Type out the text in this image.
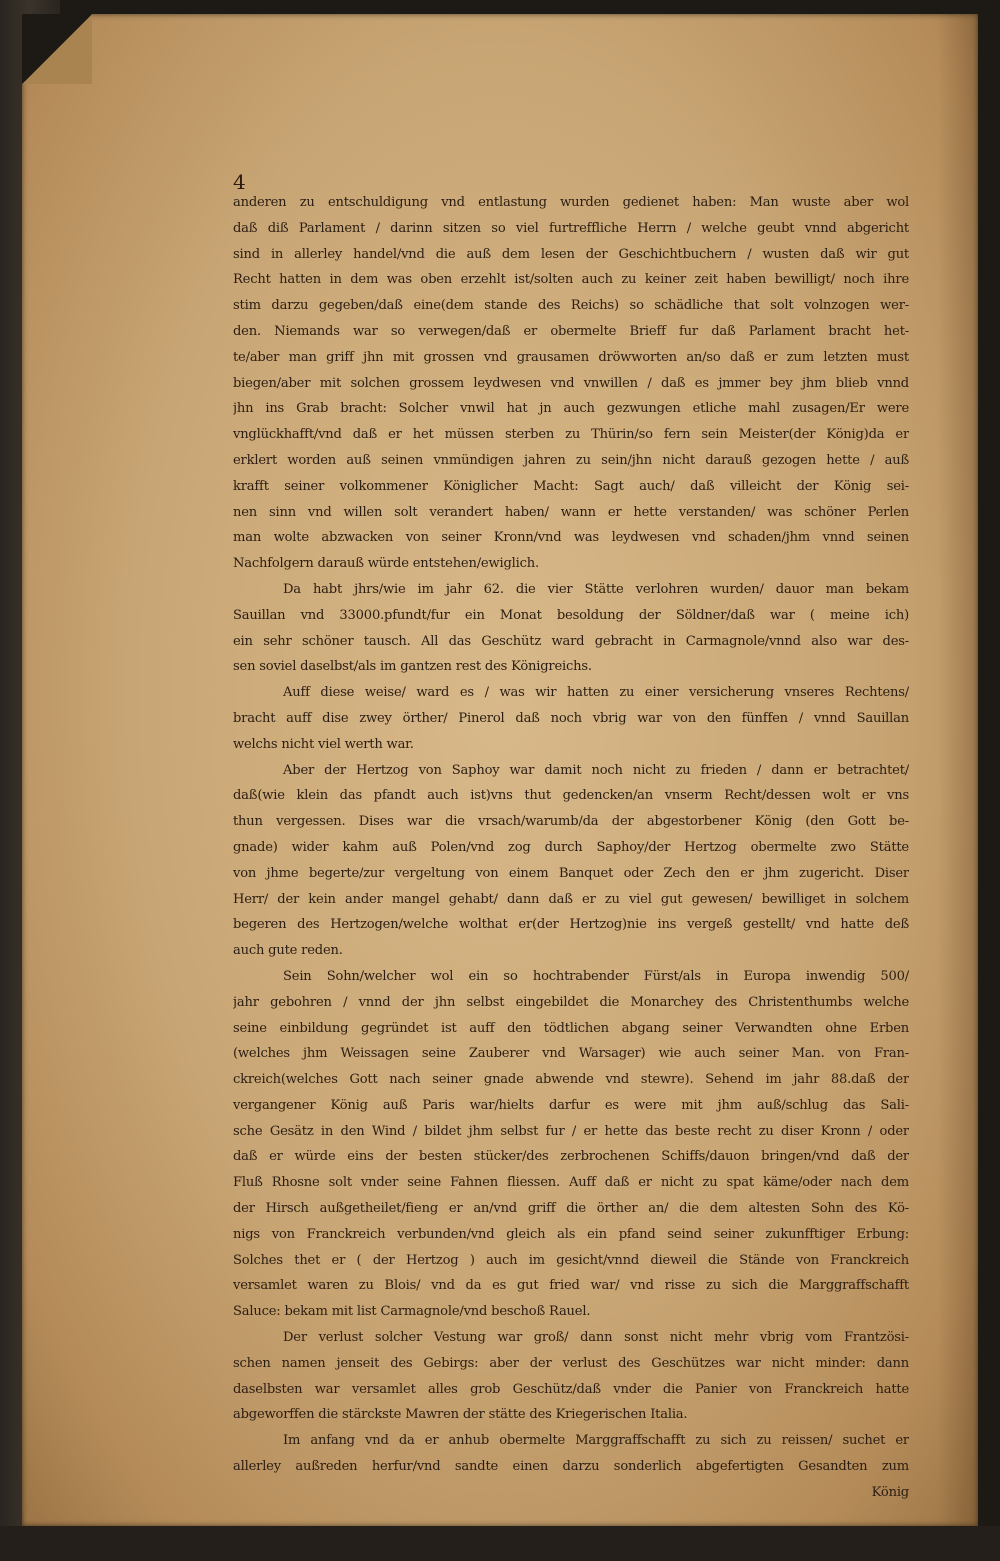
4
anderen zu entschuldigung vnd entlastung wurden gedienet haben: Man wuste aber wol
daß diß Parlament / darinn sitzen so viel furtreffliche Herrn / welche geubt vnnd abgericht
sind in allerley handel/vnd die auß dem lesen der Geschichtbuchern / wusten daß wir gut
Recht hatten in dem was oben erzehlt ist/solten auch zu keiner zeit haben bewilligt/ noch ihre
stim darzu gegeben/daß eine(dem stande des Reichs) so schädliche that solt volnzogen wer-
den. Niemands war so verwegen/daß er obermelte Brieff fur daß Parlament bracht het-
te/aber man griff jhn mit grossen vnd grausamen dröwworten an/so daß er zum letzten must
biegen/aber mit solchen grossem leydwesen vnd vnwillen / daß es jmmer bey jhm blieb vnnd
jhn ins Grab bracht: Solcher vnwil hat jn auch gezwungen etliche mahl zusagen/Er were
vnglückhafft/vnd daß er het müssen sterben zu Thürin/so fern sein Meister(der König)da er
erklert worden auß seinen vnmündigen jahren zu sein/jhn nicht darauß gezogen hette / auß
krafft seiner volkommener Königlicher Macht: Sagt auch/ daß villeicht der König sei-
nen sinn vnd willen solt verandert haben/ wann er hette verstanden/ was schöner Perlen
man wolte abzwacken von seiner Kronn/vnd was leydwesen vnd schaden/jhm vnnd seinen
Nachfolgern darauß würde entstehen/ewiglich.
Da habt jhrs/wie im jahr 62. die vier Stätte verlohren wurden/ dauor man bekam
Sauillan vnd 33000.pfundt/fur ein Monat besoldung der Söldner/daß war ( meine ich)
ein sehr schöner tausch. All das Geschütz ward gebracht in Carmagnole/vnnd also war des-
sen soviel daselbst/als im gantzen rest des Königreichs.
Auff diese weise/ ward es / was wir hatten zu einer versicherung vnseres Rechtens/
bracht auff dise zwey örther/ Pinerol daß noch vbrig war von den fünffen / vnnd Sauillan
welchs nicht viel werth war.
Aber der Hertzog von Saphoy war damit noch nicht zu frieden / dann er betrachtet/
daß(wie klein das pfandt auch ist)vns thut gedencken/an vnserm Recht/dessen wolt er vns
thun vergessen. Dises war die vrsach/warumb/da der abgestorbener König (den Gott be-
gnade) wider kahm auß Polen/vnd zog durch Saphoy/der Hertzog obermelte zwo Stätte
von jhme begerte/zur vergeltung von einem Banquet oder Zech den er jhm zugericht. Diser
Herr/ der kein ander mangel gehabt/ dann daß er zu viel gut gewesen/ bewilliget in solchem
begeren des Hertzogen/welche wolthat er(der Hertzog)nie ins vergeß gestellt/ vnd hatte deß
auch gute reden.
Sein Sohn/welcher wol ein so hochtrabender Fürst/als in Europa inwendig 500/
jahr gebohren / vnnd der jhn selbst eingebildet die Monarchey des Christenthumbs welche
seine einbildung gegründet ist auff den tödtlichen abgang seiner Verwandten ohne Erben
(welches jhm Weissagen seine Zauberer vnd Warsager) wie auch seiner Man. von Fran-
ckreich(welches Gott nach seiner gnade abwende vnd stewre). Sehend im jahr 88.daß der
vergangener König auß Paris war/hielts darfur es were mit jhm auß/schlug das Sali-
sche Gesätz in den Wind / bildet jhm selbst fur / er hette das beste recht zu diser Kronn / oder
daß er würde eins der besten stücker/des zerbrochenen Schiffs/dauon bringen/vnd daß der
Fluß Rhosne solt vnder seine Fahnen fliessen. Auff daß er nicht zu spat käme/oder nach dem
der Hirsch außgetheilet/fieng er an/vnd griff die örther an/ die dem altesten Sohn des Kö-
nigs von Franckreich verbunden/vnd gleich als ein pfand seind seiner zukunfftiger Erbung:
Solches thet er ( der Hertzog ) auch im gesicht/vnnd dieweil die Stände von Franckreich
versamlet waren zu Blois/ vnd da es gut fried war/ vnd risse zu sich die Marggraffschafft
Saluce: bekam mit list Carmagnole/vnd beschoß Rauel.
Der verlust solcher Vestung war groß/ dann sonst nicht mehr vbrig vom Frantzösi-
schen namen jenseit des Gebirgs: aber der verlust des Geschützes war nicht minder: dann
daselbsten war versamlet alles grob Geschütz/daß vnder die Panier von Franckreich hatte
abgeworffen die stärckste Mawren der stätte des Kriegerischen Italia.
Im anfang vnd da er anhub obermelte Marggraffschafft zu sich zu reissen/ suchet er
allerley außreden herfur/vnd sandte einen darzu sonderlich abgefertigten Gesandten zum
König
